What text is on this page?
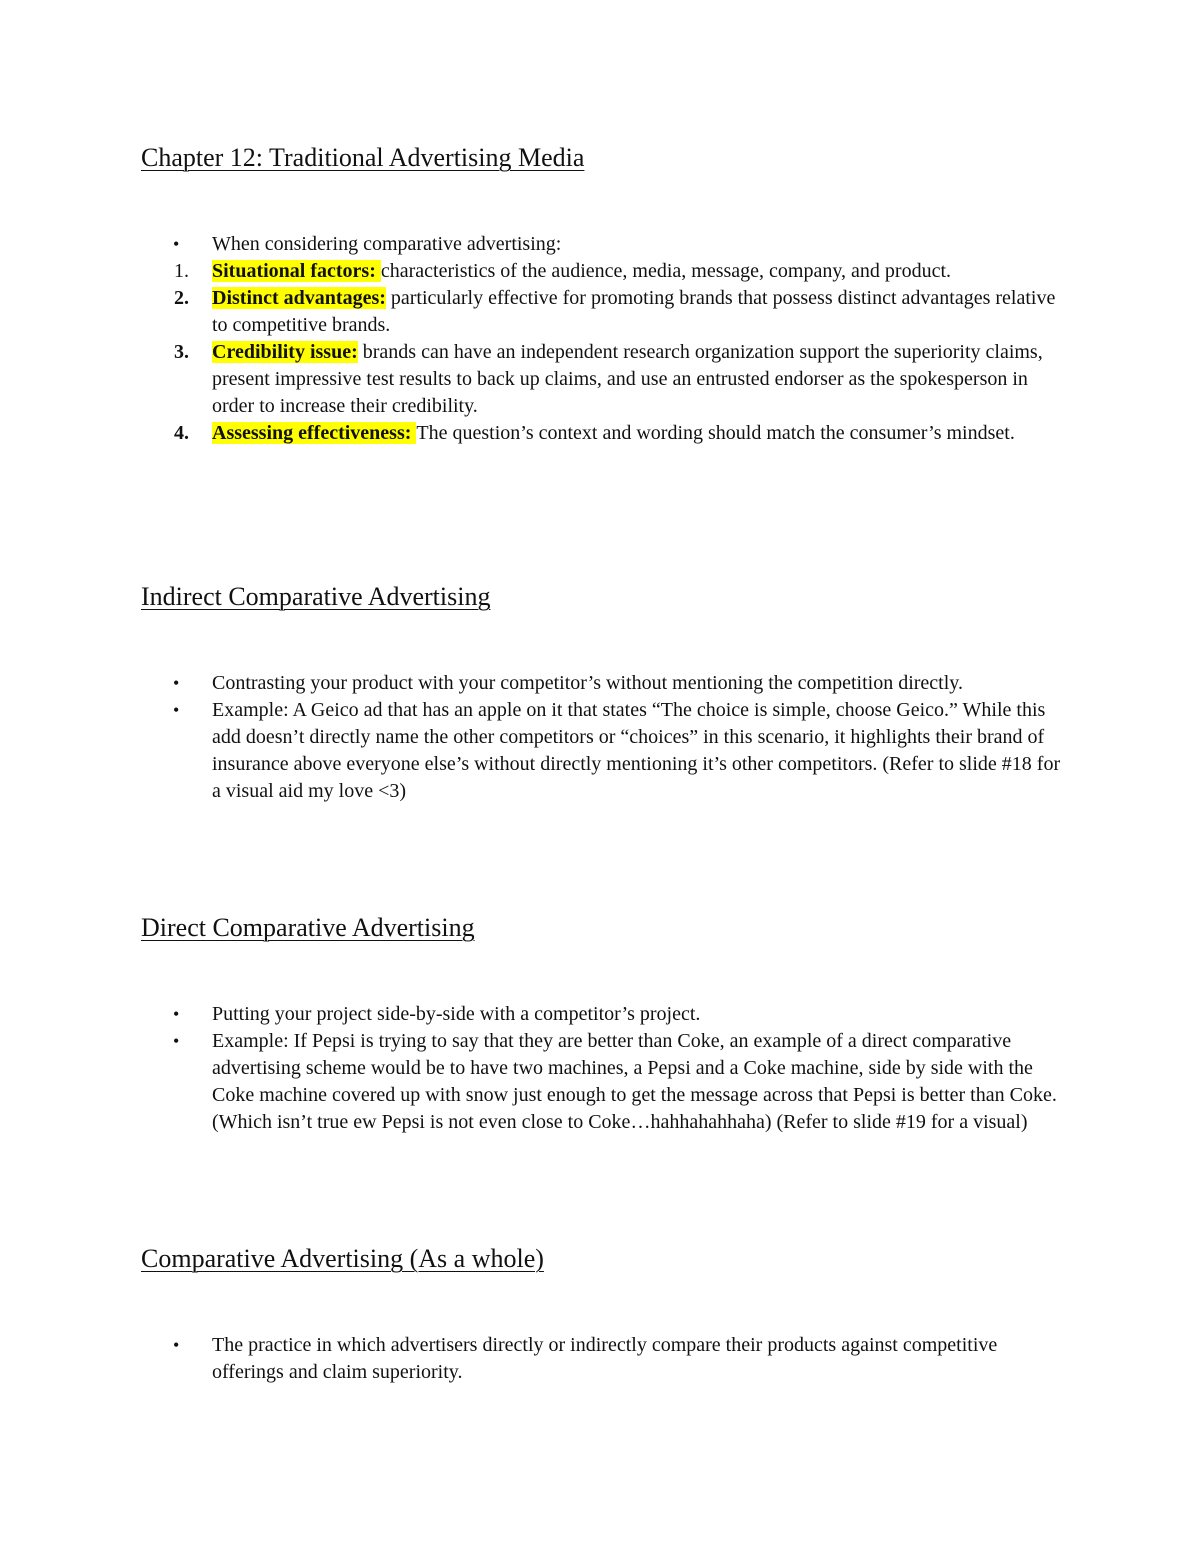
Chapter 12: Traditional Advertising Media
• When considering comparative advertising:
1. Situational factors: characteristics of the audience, media, message, company, and product.
2. Distinct advantages: particularly effective for promoting brands that possess distinct advantages relative to competitive brands.
3. Credibility issue: brands can have an independent research organization support the superiority claims, present impressive test results to back up claims, and use an entrusted endorser as the spokesperson in order to increase their credibility.
4. Assessing effectiveness: The question’s context and wording should match the consumer’s mindset.
Indirect Comparative Advertising
• Contrasting your product with your competitor’s without mentioning the competition directly.
• Example: A Geico ad that has an apple on it that states “The choice is simple, choose Geico.” While this add doesn’t directly name the other competitors or “choices” in this scenario, it highlights their brand of insurance above everyone else’s without directly mentioning it’s other competitors. (Refer to slide #18 for a visual aid my love <3)
Direct Comparative Advertising
• Putting your project side-by-side with a competitor’s project.
• Example: If Pepsi is trying to say that they are better than Coke, an example of a direct comparative advertising scheme would be to have two machines, a Pepsi and a Coke machine, side by side with the Coke machine covered up with snow just enough to get the message across that Pepsi is better than Coke. (Which isn’t true ew Pepsi is not even close to Coke…hahhahahhaha) (Refer to slide #19 for a visual)
Comparative Advertising (As a whole)
• The practice in which advertisers directly or indirectly compare their products against competitive offerings and claim superiority.
